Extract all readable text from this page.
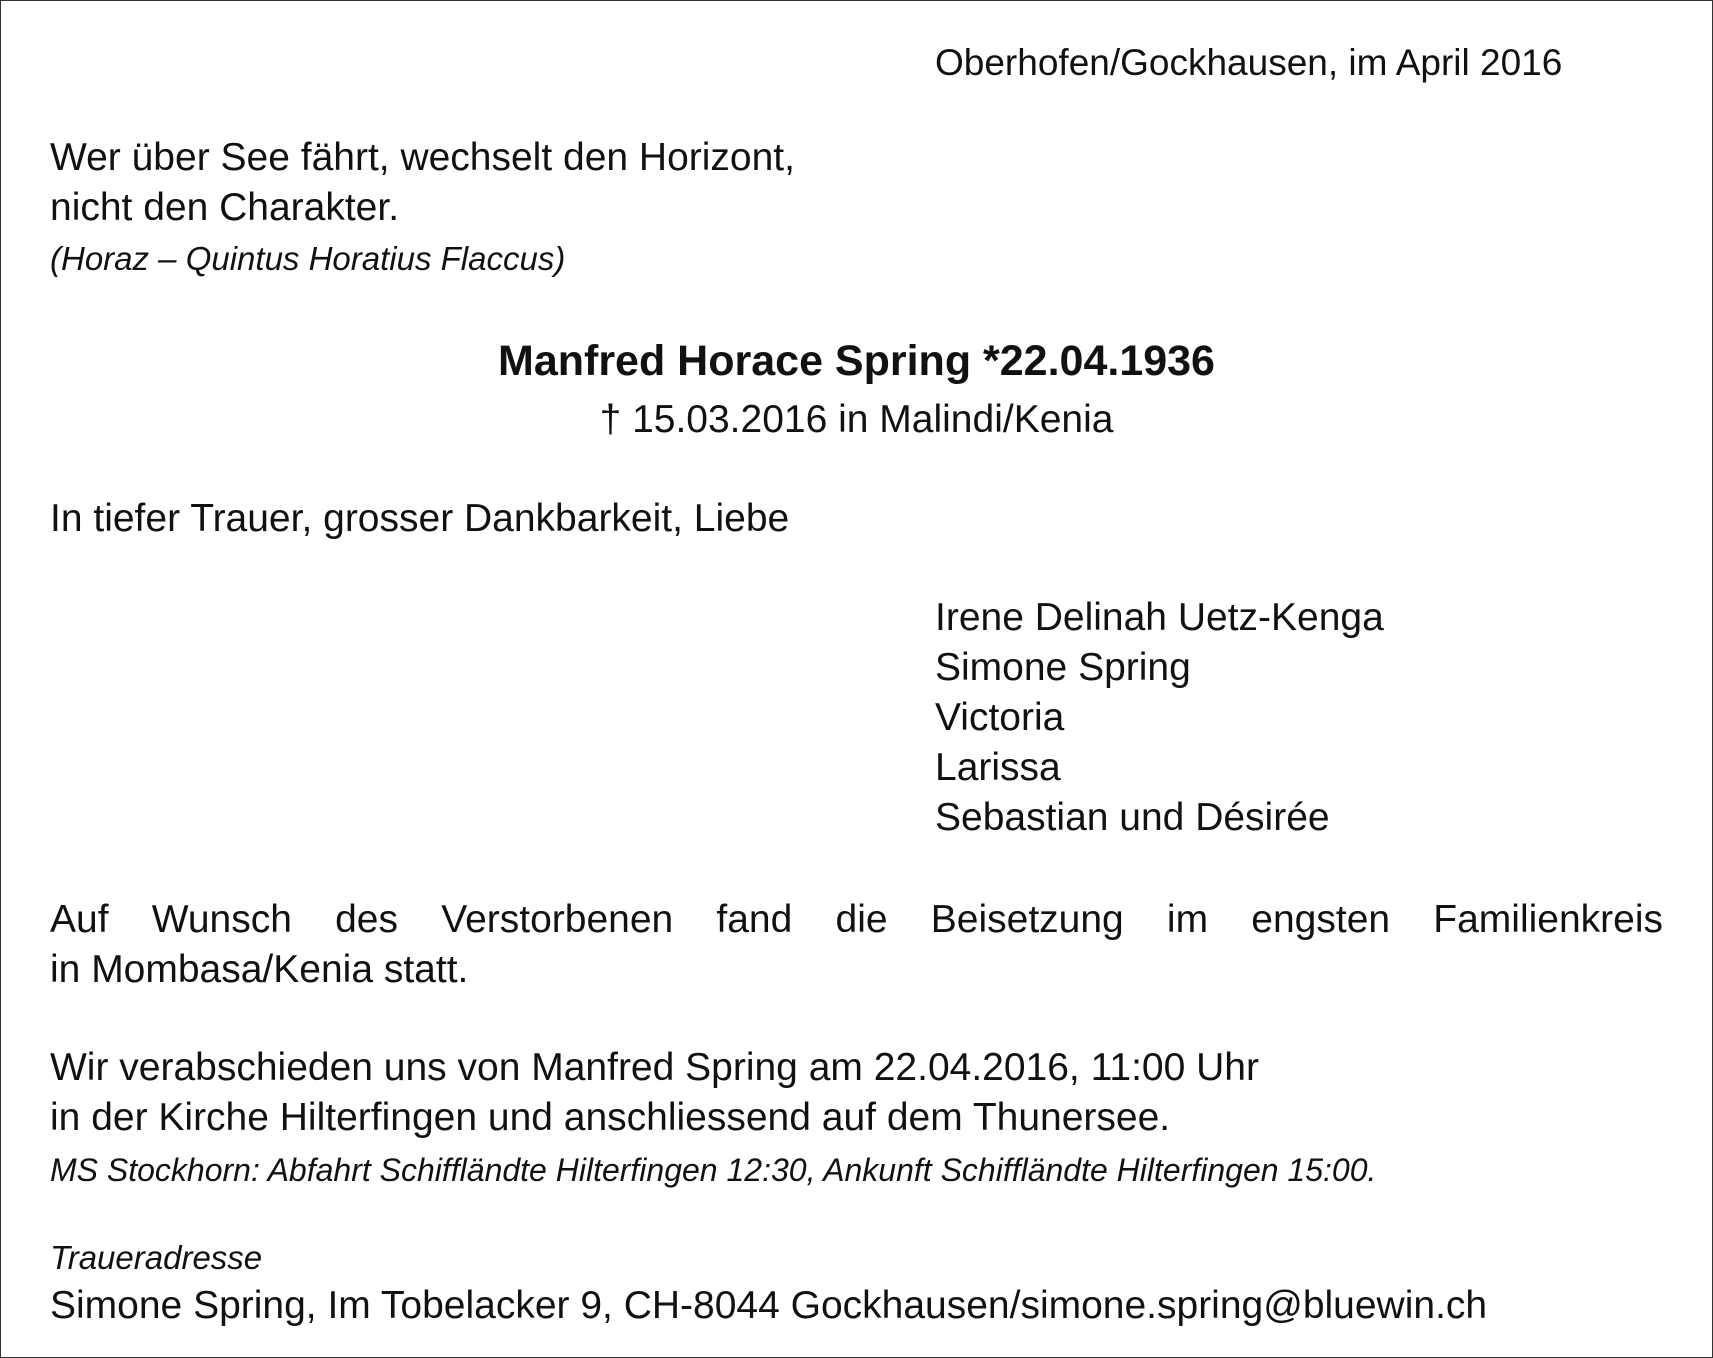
Oberhofen/Gockhausen, im April 2016
Wer über See fährt, wechselt den Horizont,
nicht den Charakter.
(Horaz – Quintus Horatius Flaccus)
Manfred Horace Spring *22.04.1936
† 15.03.2016 in Malindi/Kenia
In tiefer Trauer, grosser Dankbarkeit, Liebe
Irene Delinah Uetz-Kenga
Simone Spring
Victoria
Larissa
Sebastian und Désirée
Auf Wunsch des Verstorbenen fand die Beisetzung im engsten Familienkreis
in Mombasa/Kenia statt.
Wir verabschieden uns von Manfred Spring am 22.04.2016, 11:00 Uhr
in der Kirche Hilterfingen und anschliessend auf dem Thunersee.
MS Stockhorn: Abfahrt Schiffländte Hilterfingen 12:30, Ankunft Schiffländte Hilterfingen 15:00.
Traueradresse
Simone Spring, Im Tobelacker 9, CH-8044 Gockhausen/simone.spring@bluewin.ch
